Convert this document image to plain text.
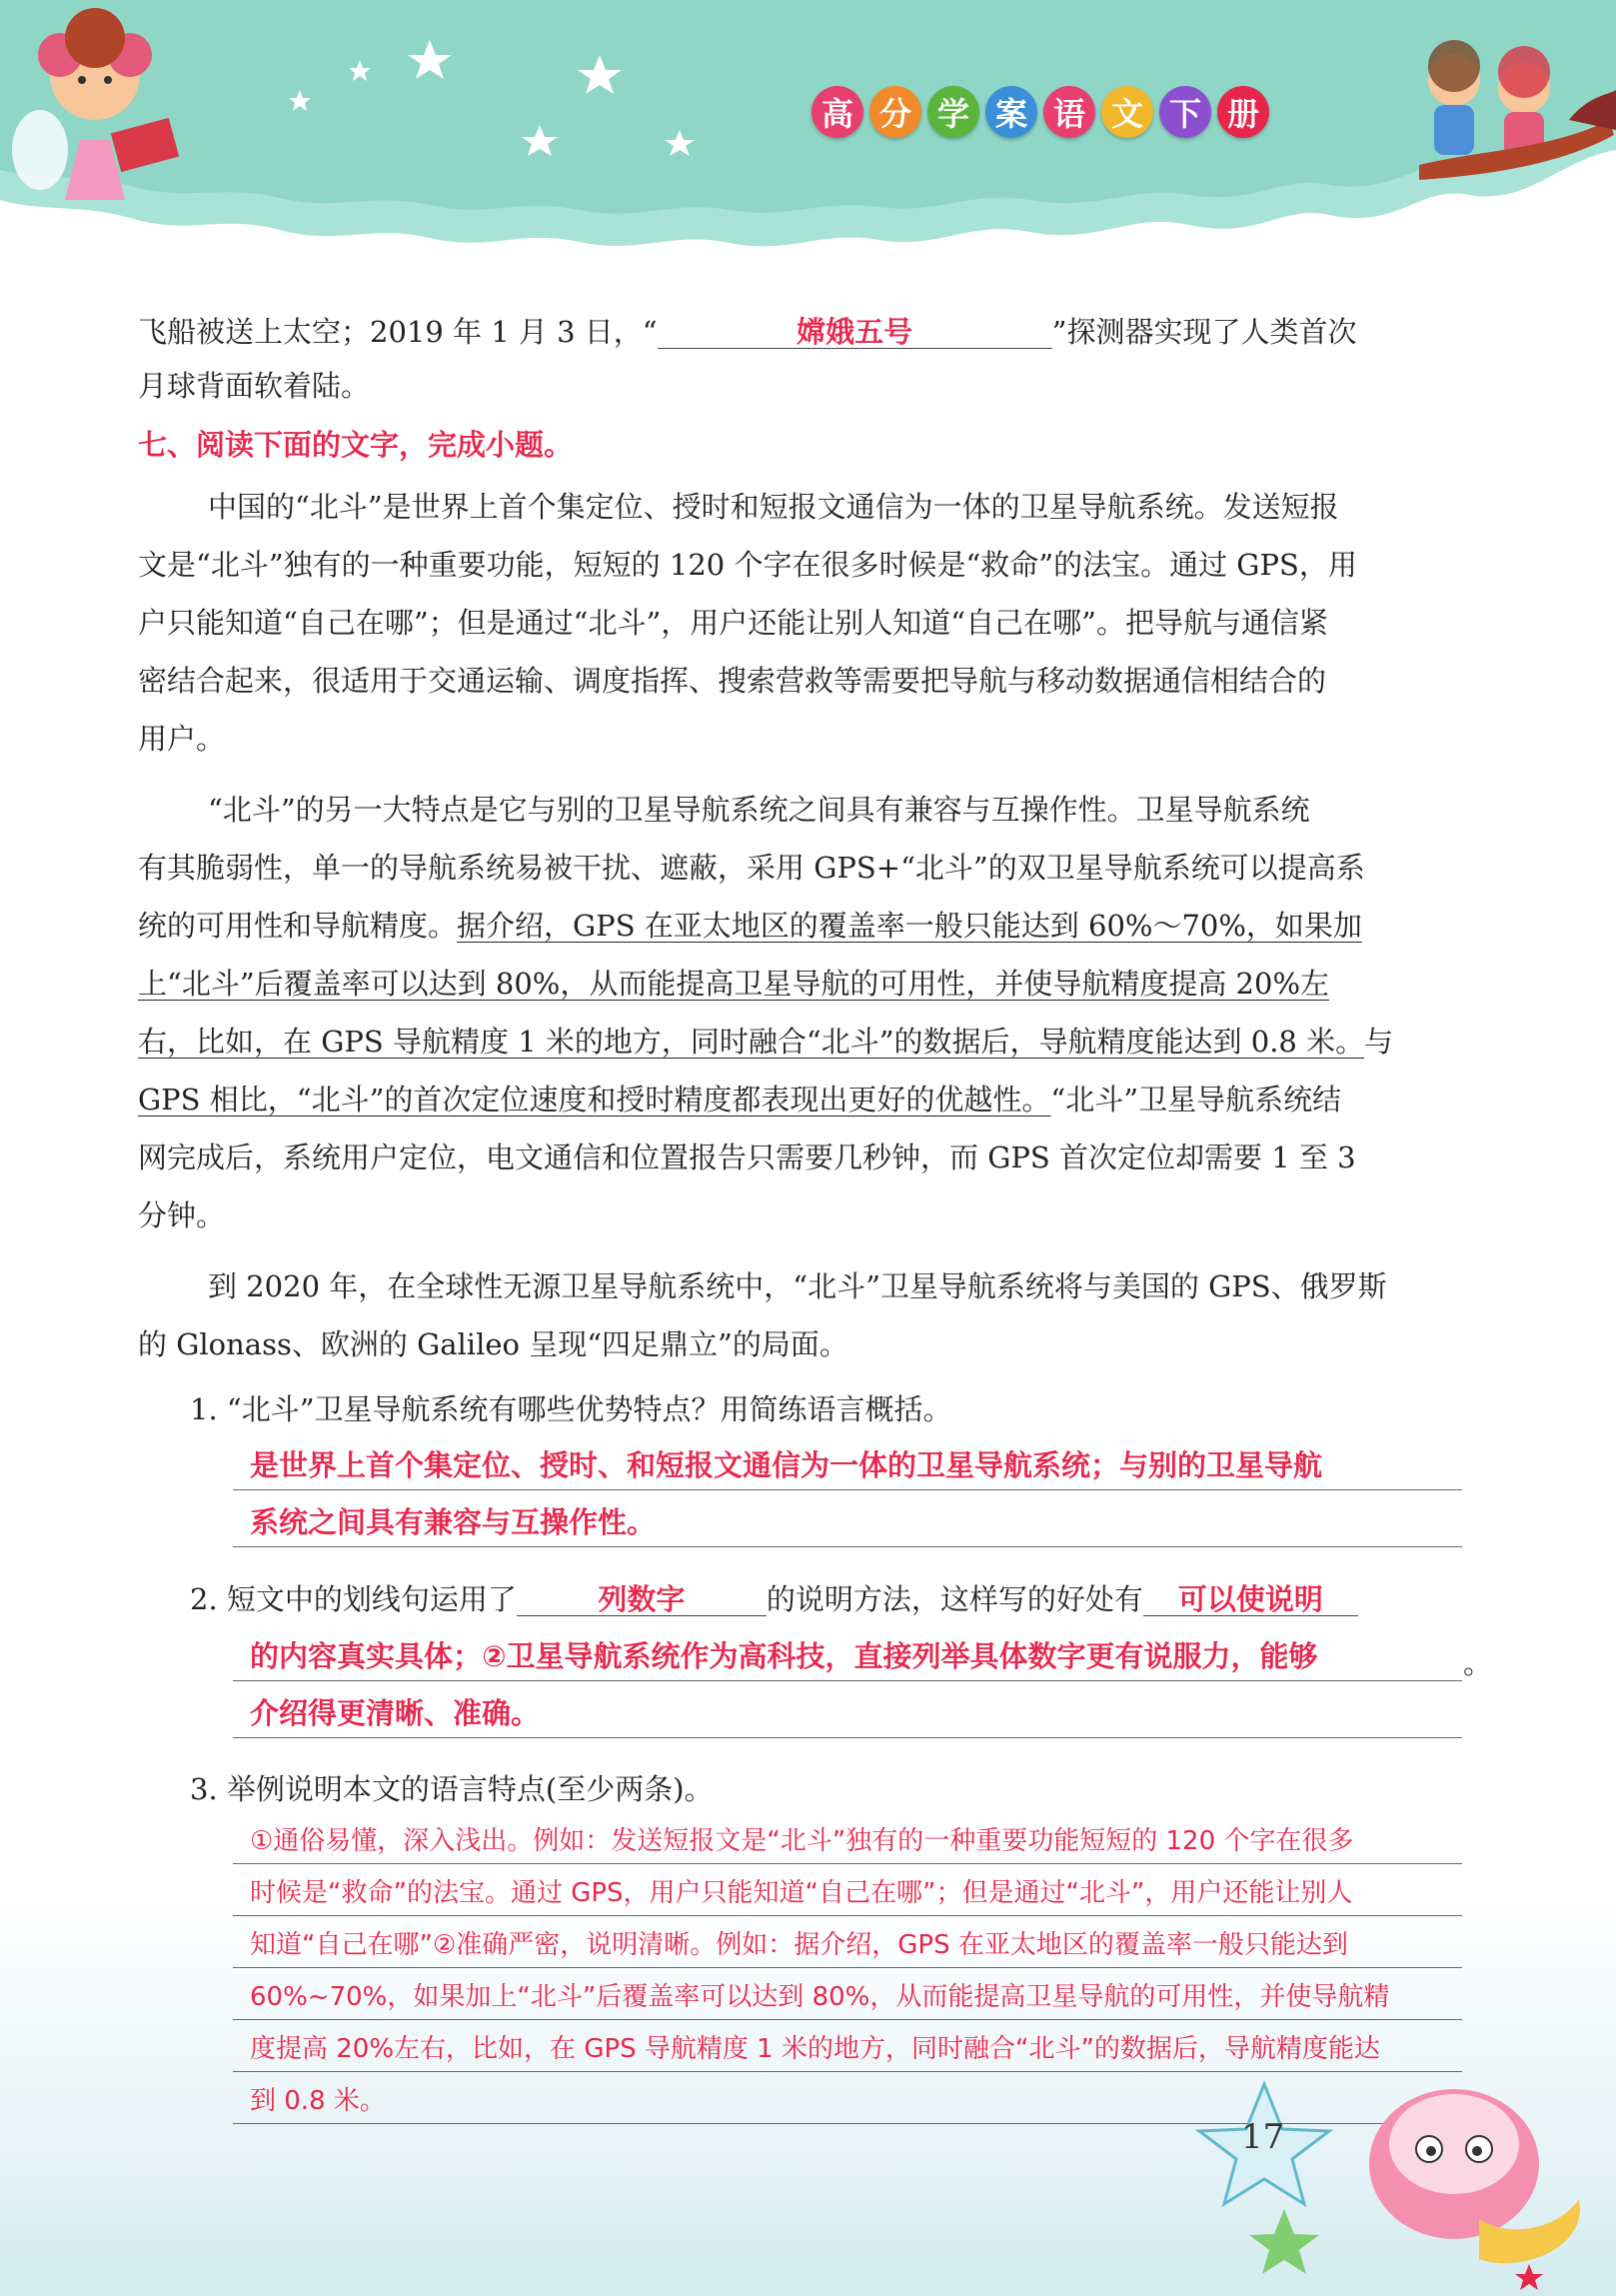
高 分 学 案 语 文 下 册
飞船被送上太空；2019 年 1 月 3 日，“	嫦娥五号	”探测器实现了人类首次
月球背面软着陆。
七、阅读下面的文字，完成小题。
中国的“北斗”是世界上首个集定位、授时和短报文通信为一体的卫星导航系统。发送短报
文是“北斗”独有的一种重要功能，短短的 120 个字在很多时候是“救命”的法宝。通过 GPS，用
户只能知道“自己在哪”；但是通过“北斗”，用户还能让别人知道“自己在哪”。把导航与通信紧
密结合起来，很适用于交通运输、调度指挥、搜索营救等需要把导航与移动数据通信相结合的
用户。
“北斗”的另一大特点是它与别的卫星导航系统之间具有兼容与互操作性。卫星导航系统
有其脆弱性，单一的导航系统易被干扰、遮蔽，采用 GPS+“北斗”的双卫星导航系统可以提高系
统的可用性和导航精度。据介绍，GPS 在亚太地区的覆盖率一般只能达到 60%～70%，如果加
上“北斗”后覆盖率可以达到 80%，从而能提高卫星导航的可用性，并使导航精度提高 20%左
右，比如，在 GPS 导航精度 1 米的地方，同时融合“北斗”的数据后，导航精度能达到 0.8 米。与
GPS 相比，“北斗”的首次定位速度和授时精度都表现出更好的优越性。“北斗”卫星导航系统结
网完成后，系统用户定位，电文通信和位置报告只需要几秒钟，而 GPS 首次定位却需要 1 至 3
分钟。
到 2020 年，在全球性无源卫星导航系统中，“北斗”卫星导航系统将与美国的 GPS、俄罗斯
的 Glonass、欧洲的 Galileo 呈现“四足鼎立”的局面。
1. “北斗”卫星导航系统有哪些优势特点？用简练语言概括。
是世界上首个集定位、授时、和短报文通信为一体的卫星导航系统；与别的卫星导航
系统之间具有兼容与互操作性。
2. 短文中的划线句运用了	列数字	的说明方法，这样写的好处有 可以使说明
的内容真实具体；②卫星导航系统作为高科技，直接列举具体数字更有说服力，能够	。
介绍得更清晰、准确。
3. 举例说明本文的语言特点(至少两条)。
①通俗易懂，深入浅出。例如：发送短报文是“北斗”独有的一种重要功能短短的 120 个字在很多
时候是“救命”的法宝。通过 GPS，用户只能知道“自己在哪”；但是通过“北斗”，用户还能让别人
知道“自己在哪”②准确严密，说明清晰。例如：据介绍，GPS 在亚太地区的覆盖率一般只能达到
60%~70%，如果加上“北斗”后覆盖率可以达到 80%，从而能提高卫星导航的可用性，并使导航精
度提高 20%左右，比如，在 GPS 导航精度 1 米的地方，同时融合“北斗”的数据后，导航精度能达
到 0.8 米。
17
